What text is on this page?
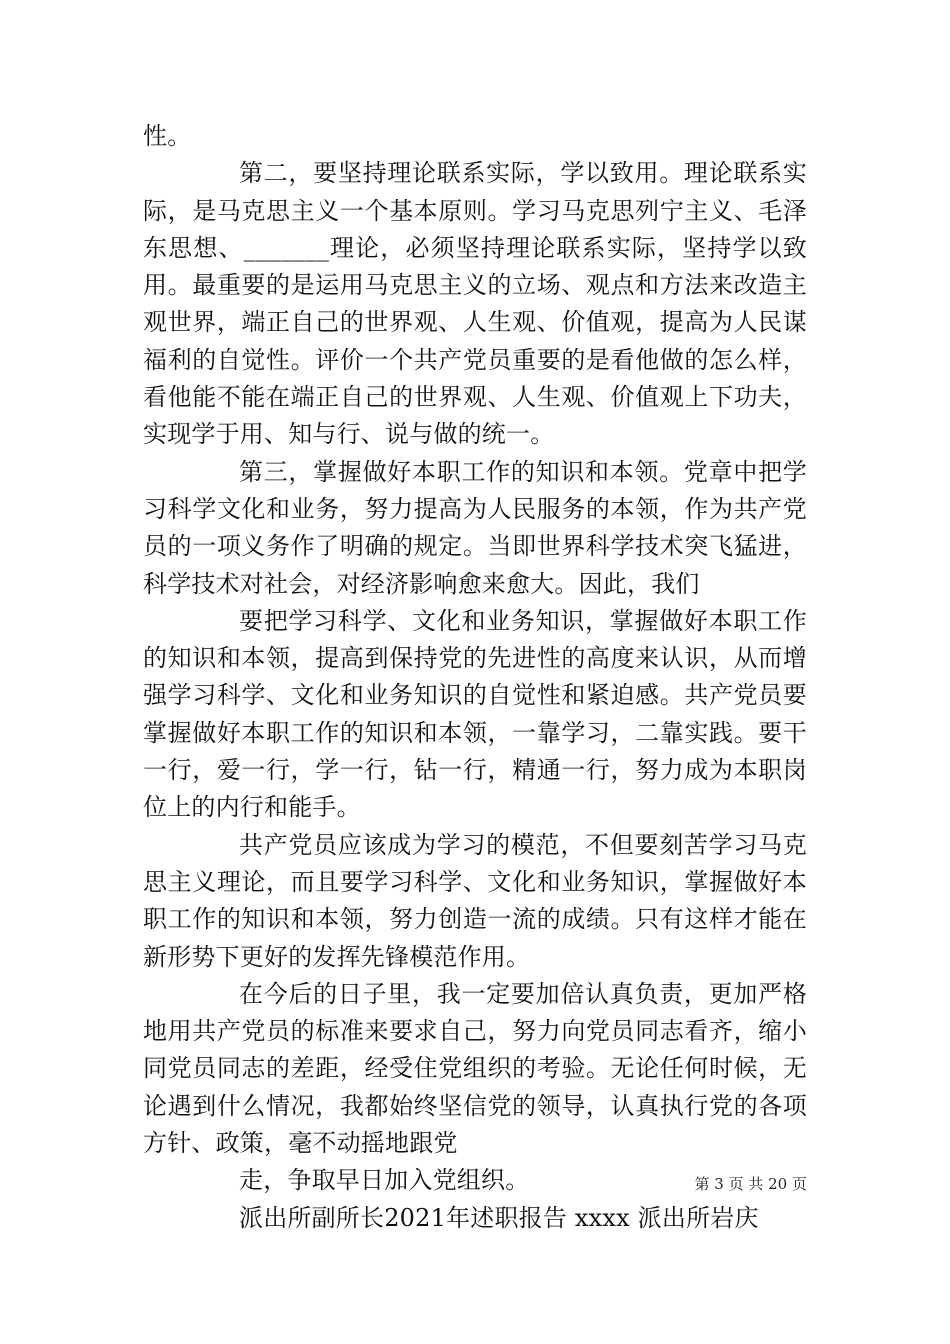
性。

第二，要坚持理论联系实际，学以致用。理论联系实际，是马克思主义一个基本原则。学习马克思列宁主义、毛泽东思想、_______理论，必须坚持理论联系实际，坚持学以致用。最重要的是运用马克思主义的立场、观点和方法来改造主观世界，端正自己的世界观、人生观、价值观，提高为人民谋福利的自觉性。评价一个共产党员重要的是看他做的怎么样，看他能不能在端正自己的世界观、人生观、价值观上下功夫，实现学于用、知与行、说与做的统一。

第三，掌握做好本职工作的知识和本领。党章中把学习科学文化和业务，努力提高为人民服务的本领，作为共产党员的一项义务作了明确的规定。当即世界科学技术突飞猛进，科学技术对社会，对经济影响愈来愈大。因此，我们

要把学习科学、文化和业务知识，掌握做好本职工作的知识和本领，提高到保持党的先进性的高度来认识，从而增强学习科学、文化和业务知识的自觉性和紧迫感。共产党员要掌握做好本职工作的知识和本领，一靠学习，二靠实践。要干一行，爱一行，学一行，钻一行，精通一行，努力成为本职岗位上的内行和能手。

共产党员应该成为学习的模范，不但要刻苦学习马克思主义理论，而且要学习科学、文化和业务知识，掌握做好本职工作的知识和本领，努力创造一流的成绩。只有这样才能在新形势下更好的发挥先锋模范作用。

在今后的日子里，我一定要加倍认真负责，更加严格地用共产党员的标准来要求自己，努力向党员同志看齐，缩小同党员同志的差距，经受住党组织的考验。无论任何时候，无论遇到什么情况，我都始终坚信党的领导，认真执行党的各项方针、政策，毫不动摇地跟党

走，争取早日加入党组织。

派出所副所长2021年述职报告 xxxx 派出所岩庆

第 3 页 共 20 页
